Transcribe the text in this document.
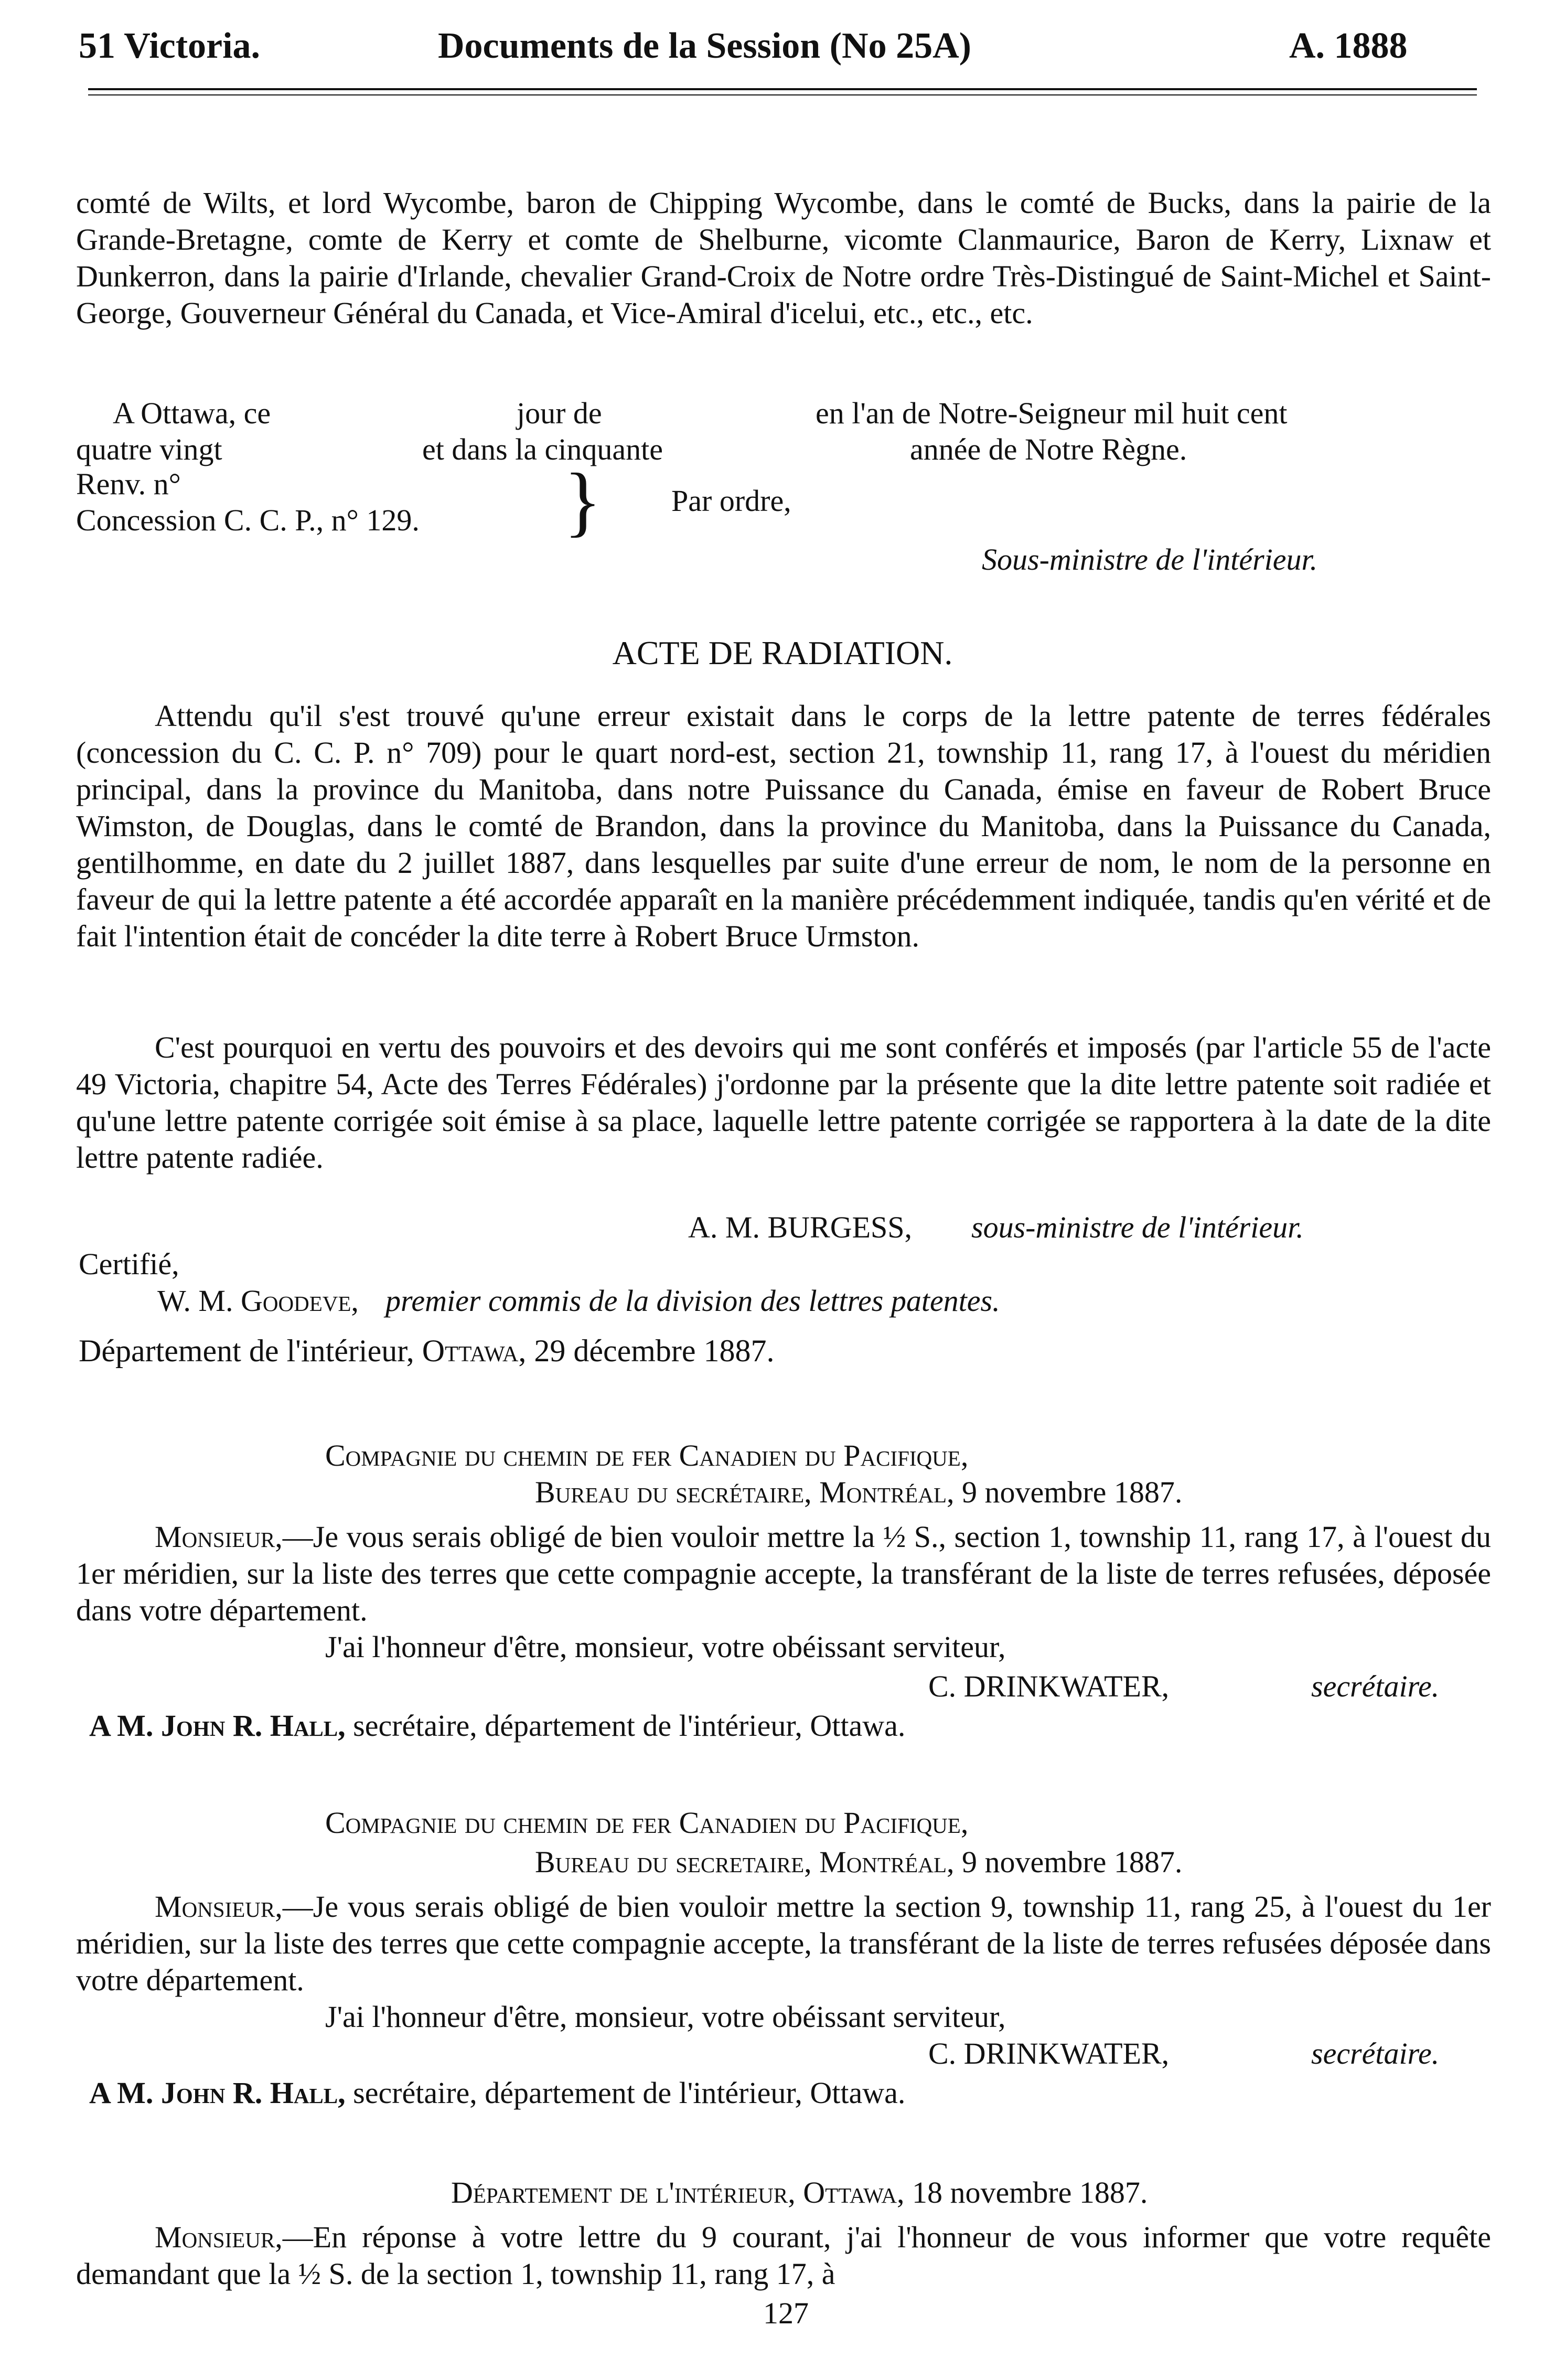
51 Victoria.	Documents de la Session (No 25A)	A. 1888
comté de Wilts, et lord Wycombe, baron de Chipping Wycombe, dans le comté de Bucks, dans la pairie de la Grande-Bretagne, comte de Kerry et comte de Shelburne, vicomte Clanmaurice, Baron de Kerry, Lixnaw et Dunkerron, dans la pairie d'Irlande, chevalier Grand-Croix de Notre ordre Très-Distingué de Saint-Michel et Saint-George, Gouverneur Général du Canada, et Vice-Amiral d'icelui, etc., etc., etc.
A Ottawa, ce	jour de	en l'an de Notre-Seigneur mil huit cent
quatre vingt	et dans la cinquante	année de Notre Règne.
Renv. n°
Concession C. C. P., n° 129. } Par ordre,
Sous-ministre de l'intérieur.
ACTE DE RADIATION.
Attendu qu'il s'est trouvé qu'une erreur existait dans le corps de la lettre patente de terres fédérales (concession du C. C. P. n° 709) pour le quart nord-est, section 21, township 11, rang 17, à l'ouest du méridien principal, dans la province du Manitoba, dans notre Puissance du Canada, émise en faveur de Robert Bruce Wimston, de Douglas, dans le comté de Brandon, dans la province du Manitoba, dans la Puissance du Canada, gentilhomme, en date du 2 juillet 1887, dans lesquelles par suite d'une erreur de nom, le nom de la personne en faveur de qui la lettre patente a été accordée apparaît en la manière précédemment indiquée, tandis qu'en vérité et de fait l'intention était de concéder la dite terre à Robert Bruce Urmston.
C'est pourquoi en vertu des pouvoirs et des devoirs qui me sont conférés et imposés (par l'article 55 de l'acte 49 Victoria, chapitre 54, Acte des Terres Fédérales) j'ordonne par la présente que la dite lettre patente soit radiée et qu'une lettre patente corrigée soit émise à sa place, laquelle lettre patente corrigée se rapportera à la date de la dite lettre patente radiée.
A. M. BURGESS, sous-ministre de l'intérieur.
Certifié,
W. M. Goodeve, premier commis de la division des lettres patentes.
Département de l'intérieur, Ottawa, 29 décembre 1887.
Compagnie du chemin de fer Canadien du Pacifique,
Bureau du secrétaire, Montréal, 9 novembre 1887.
Monsieur,—Je vous serais obligé de bien vouloir mettre la ½ S., section 1, township 11, rang 17, à l'ouest du 1er méridien, sur la liste des terres que cette compagnie accepte, la transférant de la liste de terres refusées, déposée dans votre département.
J'ai l'honneur d'être, monsieur, votre obéissant serviteur,
C. DRINKWATER,	secrétaire.
A M. John R. Hall, secrétaire, département de l'intérieur, Ottawa.
Compagnie du chemin de fer Canadien du Pacifique,
Bureau du secretaire, Montréal, 9 novembre 1887.
Monsieur,—Je vous serais obligé de bien vouloir mettre la section 9, township 11, rang 25, à l'ouest du 1er méridien, sur la liste des terres que cette compagnie accepte, la transférant de la liste de terres refusées déposée dans votre département.
J'ai l'honneur d'être, monsieur, votre obéissant serviteur,
C. DRINKWATER,	secrétaire.
A M. John R. Hall, secrétaire, département de l'intérieur, Ottawa.
Département de l'intérieur, Ottawa, 18 novembre 1887.
Monsieur,—En réponse à votre lettre du 9 courant, j'ai l'honneur de vous informer que votre requête demandant que la ½ S. de la section 1, township 11, rang 17, à
127
